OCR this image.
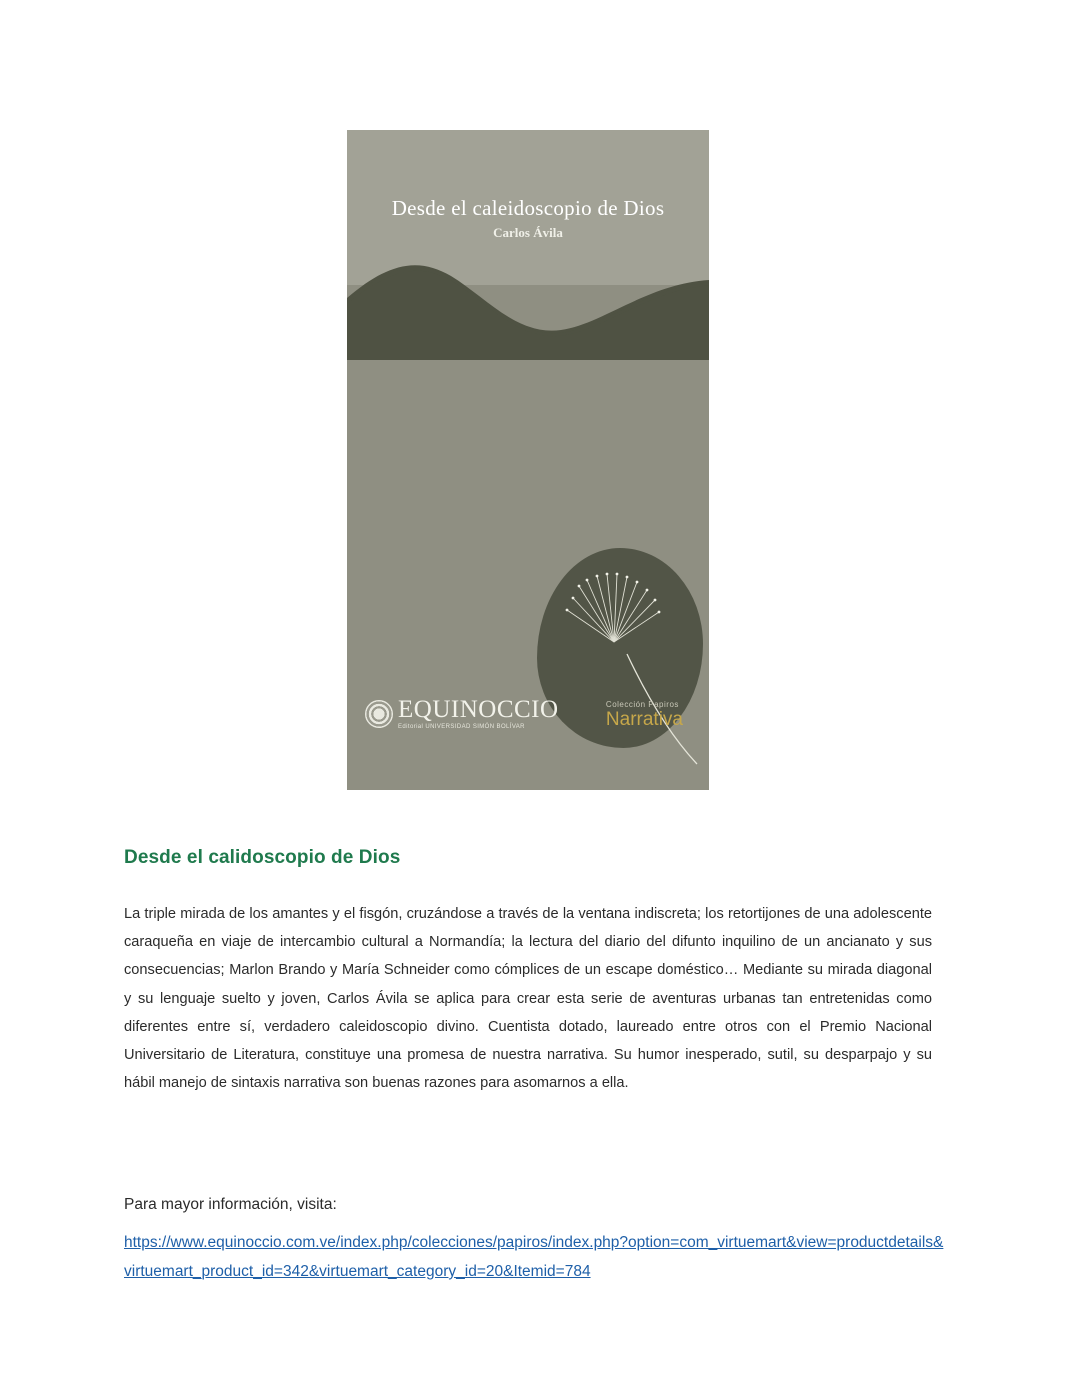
Desde el caleidoscopio de Dios
Carlos Ávila
Colección Papiros
Narrativa
EQUINOCCIO
Editorial UNIVERSIDAD SIMÓN BOLÍVAR
Desde el calidoscopio de Dios
La triple mirada de los amantes y el fisgón, cruzándose a través de la ventana indiscreta; los retortijones de una adolescente caraqueña en viaje de intercambio cultural a Normandía; la lectura del diario del difunto inquilino de un ancianato y sus consecuencias; Marlon Brando y María Schneider como cómplices de un escape doméstico… Mediante su mirada diagonal y su lenguaje suelto y joven, Carlos Ávila se aplica para crear esta serie de aventuras urbanas tan entretenidas como diferentes entre sí, verdadero caleidoscopio divino. Cuentista dotado, laureado entre otros con el Premio Nacional Universitario de Literatura, constituye una promesa de nuestra narrativa. Su humor inesperado, sutil, su desparpajo y su hábil manejo de sintaxis narrativa son buenas razones para asomarnos a ella.
Para mayor información, visita:
https://www.equinoccio.com.ve/index.php/colecciones/papiros/index.php?option=com_virtuemart&view=productdetails&virtuemart_product_id=342&virtuemart_category_id=20&Itemid=784
